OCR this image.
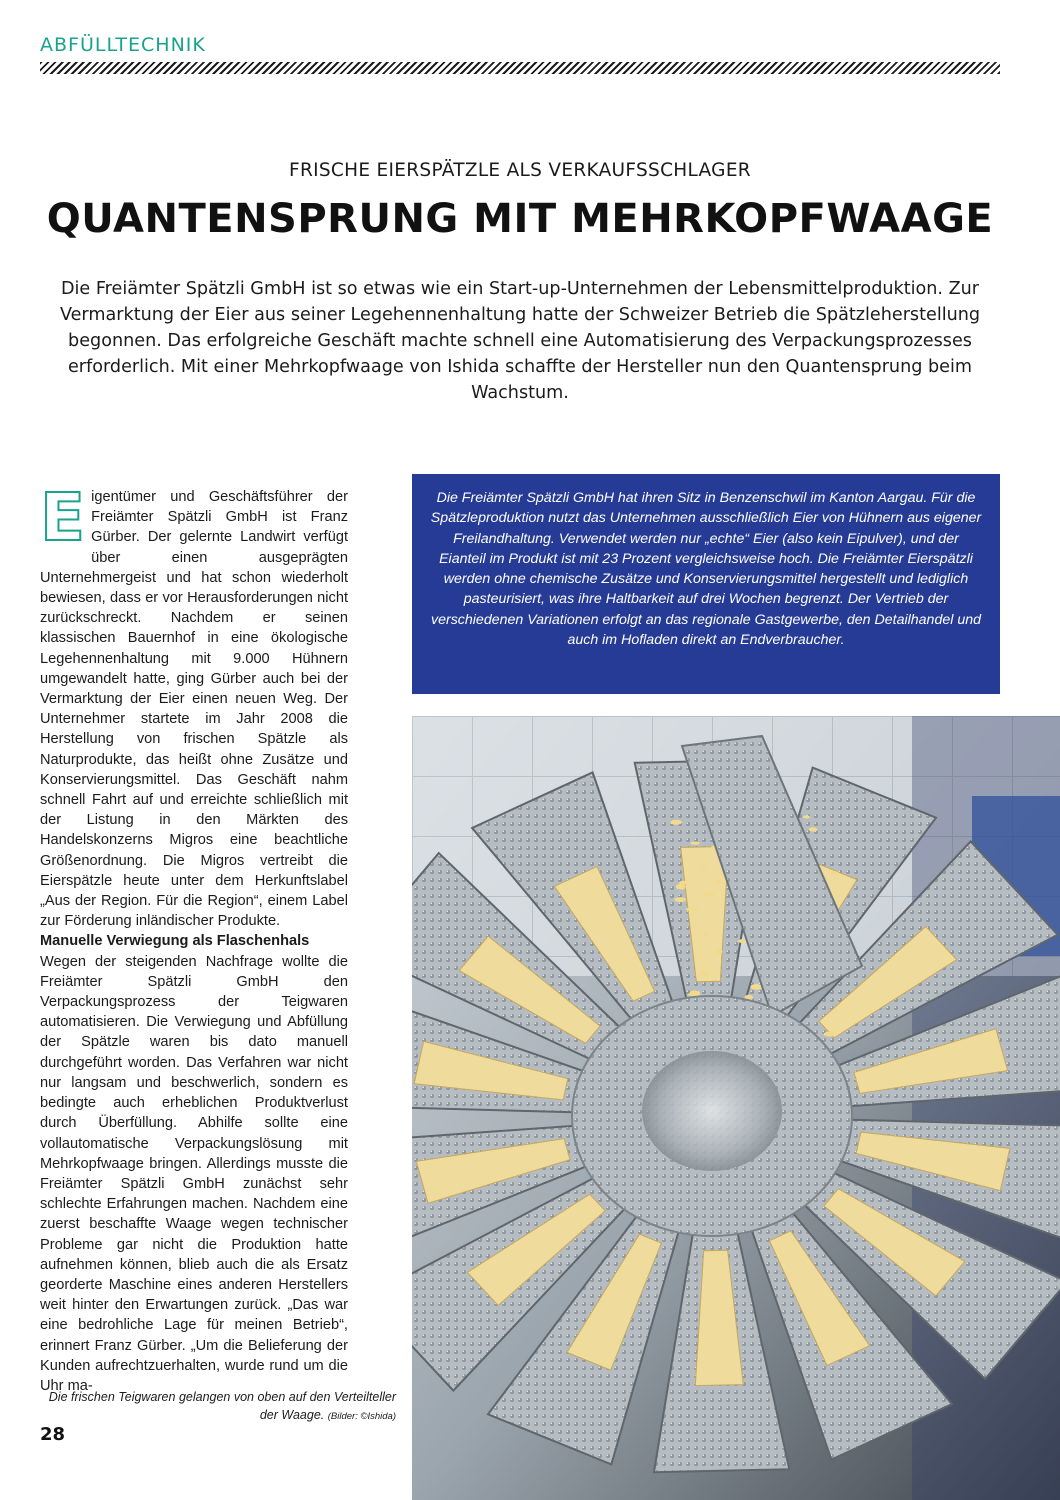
ABFÜLLTECHNIK
FRISCHE EIERSPÄTZLE ALS VERKAUFSSCHLAGER
QUANTENSPRUNG MIT MEHRKOPFWAAGE
Die Freiämter Spätzli GmbH ist so etwas wie ein Start-up-Unternehmen der Lebensmittelproduktion. Zur Vermarktung der Eier aus seiner Legehennenhaltung hatte der Schweizer Betrieb die Spätzleherstellung begonnen. Das erfolgreiche Geschäft machte schnell eine Automatisierung des Verpackungsprozesses erforderlich. Mit einer Mehrkopfwaage von Ishida schaffte der Hersteller nun den Quantensprung beim Wachstum.

Eigentümer und Geschäftsführer der Freiämter Spätzli GmbH ist Franz Gürber. Der gelernte Landwirt verfügt über einen ausgeprägten Unternehmergeist und hat schon wiederholt bewiesen, dass er vor Herausforderungen nicht zurückschreckt. Nachdem er seinen klassischen Bauernhof in eine ökologische Legehennenhaltung mit 9.000 Hühnern umgewandelt hatte, ging Gürber auch bei der Vermarktung der Eier einen neuen Weg. Der Unternehmer startete im Jahr 2008 die Herstellung von frischen Spätzle als Naturprodukte, das heißt ohne Zusätze und Konservierungsmittel. Das Geschäft nahm schnell Fahrt auf und erreichte schließlich mit der Listung in den Märkten des Handelskonzerns Migros eine beachtliche Größenordnung. Die Migros vertreibt die Eierspätzle heute unter dem Herkunftslabel „Aus der Region. Für die Region“, einem Label zur Förderung inländischer Produkte.

Manuelle Verwiegung als Flaschenhals

Wegen der steigenden Nachfrage wollte die Freiämter Spätzli GmbH den Verpackungsprozess der Teigwaren automatisieren. Die Verwiegung und Abfüllung der Spätzle waren bis dato manuell durchgeführt worden. Das Verfahren war nicht nur langsam und beschwerlich, sondern es bedingte auch erheblichen Produktverlust durch Überfüllung. Abhilfe sollte eine vollautomatische Verpackungslösung mit Mehrkopfwaage bringen. Allerdings musste die Freiämter Spätzli GmbH zunächst sehr schlechte Erfahrungen machen. Nachdem eine zuerst beschaffte Waage wegen technischer Probleme gar nicht die Produktion hatte aufnehmen können, blieb auch die als Ersatz georderte Maschine eines anderen Herstellers weit hinter den Erwartungen zurück. „Das war eine bedrohliche Lage für meinen Betrieb“, erinnert Franz Gürber. „Um die Belieferung der Kunden aufrechtzuerhalten, wurde rund um die Uhr ma-

Die frischen Teigwaren gelangen von oben auf den Verteilteller der Waage. (Bilder: ©Ishida)
28
Die Freiämter Spätzli GmbH hat ihren Sitz in Benzenschwil im Kanton Aargau. Für die Spätzleproduktion nutzt das Unternehmen ausschließlich Eier von Hühnern aus eigener Freilandhaltung. Verwendet werden nur „echte“ Eier (also kein Eipulver), und der Eianteil im Produkt ist mit 23 Prozent vergleichsweise hoch. Die Freiämter Eierspätzli werden ohne chemische Zusätze und Konservierungsmittel hergestellt und lediglich pasteurisiert, was ihre Haltbarkeit auf drei Wochen begrenzt. Der Vertrieb der verschiedenen Variationen erfolgt an das regionale Gastgewerbe, den Detailhandel und auch im Hofladen direkt an Endverbraucher.
